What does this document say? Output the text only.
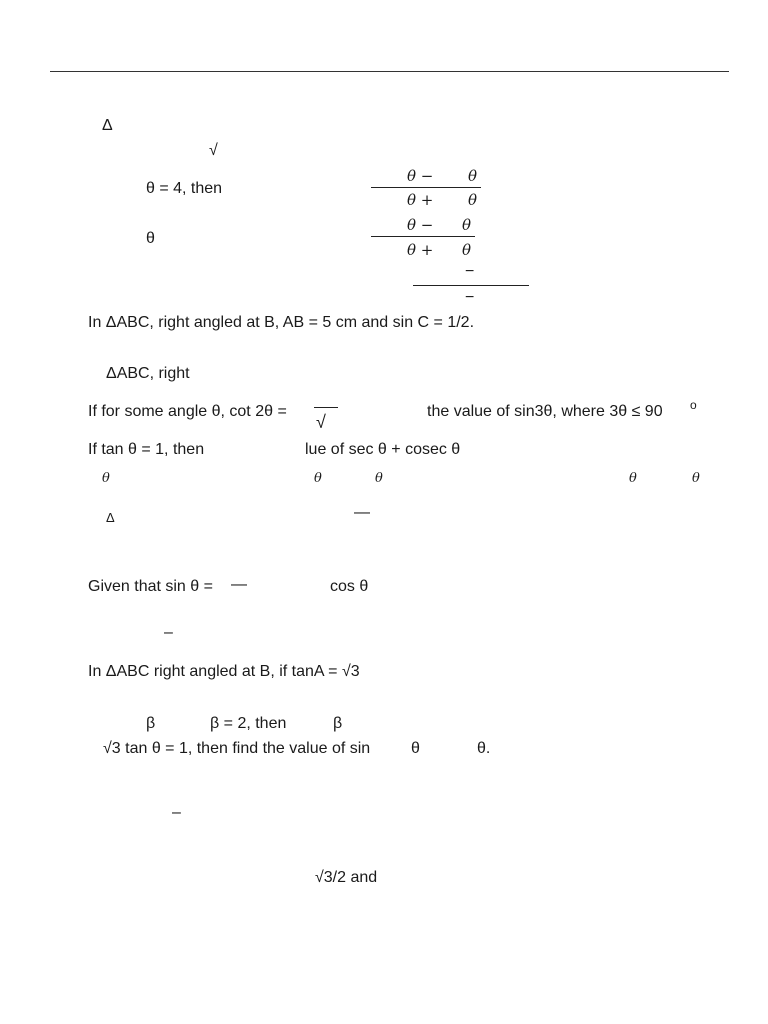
Δ
√
θ = 4, then
θ
θ − θ
θ + θ
θ − θ
θ + θ
−
−
In ΔABC, right angled at B, AB = 5 cm and sin C = 1/2.
ΔABC, right
If for some angle θ, cot 2θ =
√
the value of sin3θ, where 3θ ≤ 90 o
If tan θ = 1, then	lue of sec θ + cosec θ
θ	θ	θ	θ	θ
Δ	—
Given that sin θ = —	cos θ
–
In ΔABC right angled at B, if tanA = √3
β	β = 2, then	β
√3 tan θ = 1, then find the value of sin	θ	θ.
–
√3/2 and
